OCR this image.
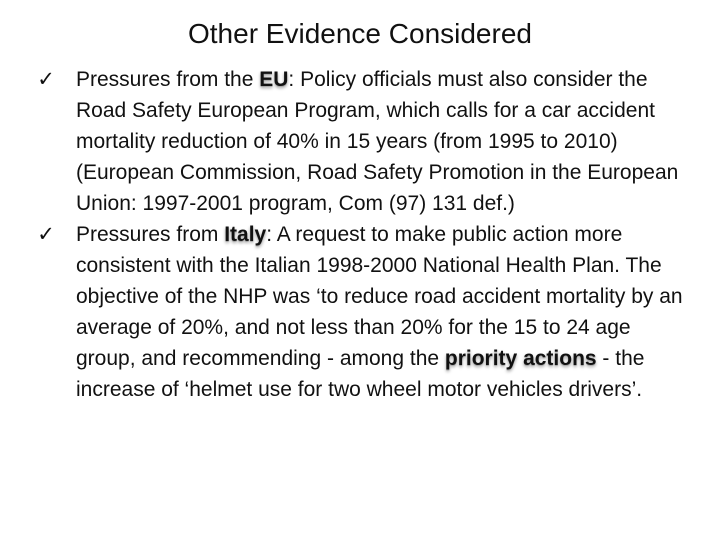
Other Evidence Considered
✓ Pressures from the EU: Policy officials must also consider the Road Safety European Program, which calls for a car accident mortality reduction of 40% in 15 years (from 1995 to 2010) (European Commission, Road Safety Promotion in the European Union: 1997-2001 program, Com (97) 131 def.)
✓ Pressures from Italy: A request to make public action more consistent with the Italian 1998-2000 National Health Plan. The objective of the NHP was ‘to reduce road accident mortality by an average of 20%, and not less than 20% for the 15 to 24 age group, and recommending - among the priority actions - the increase of ‘helmet use for two wheel motor vehicles drivers’.
